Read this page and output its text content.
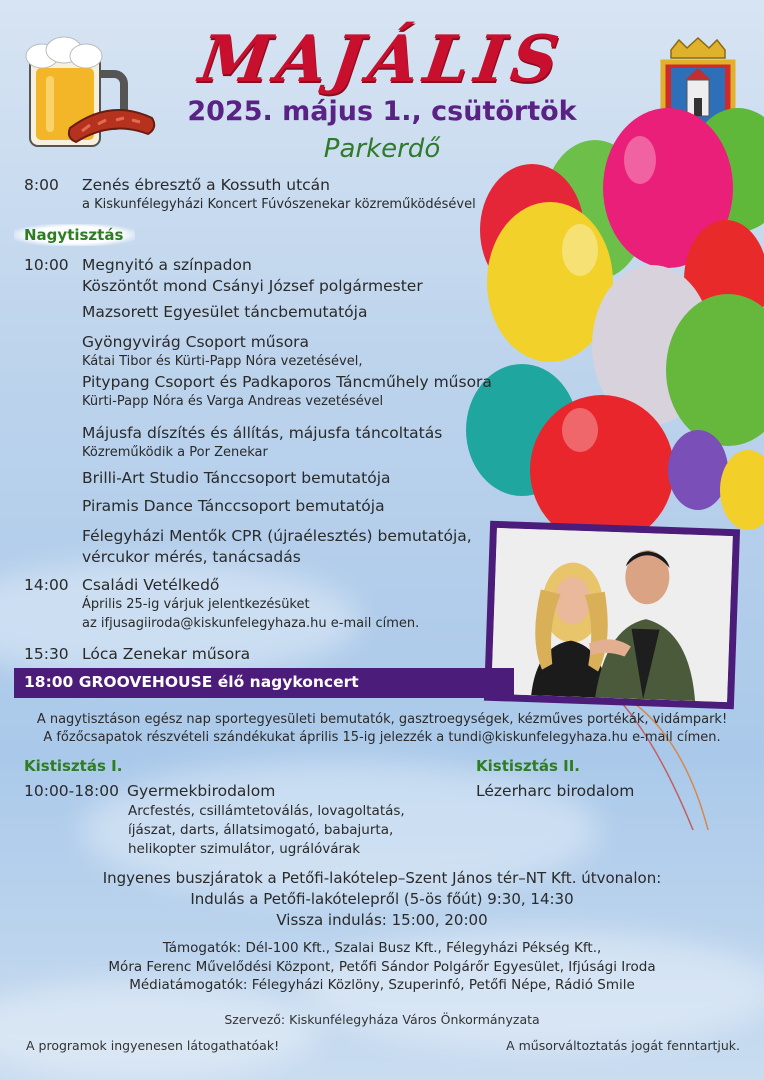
MAJÁLIS
2025. május 1., csütörtök
Parkerdő
8:00 Zenés ébresztő a Kossuth utcán
a Kiskunfélegyházi Koncert Fúvószenekar közreműködésével
Nagytisztás
10:00 Megnyitó a színpadon
Köszöntőt mond Csányi József polgármester
Mazsorett Egyesület táncbemutatója
Gyöngyvirág Csoport műsora
Kátai Tibor és Kürti-Papp Nóra vezetésével,
Pitypang Csoport és Padkaporos Táncműhely műsora
Kürti-Papp Nóra és Varga Andreas vezetésével
Májusfa díszítés és állítás, májusfa táncoltatás
Közreműködik a Por Zenekar
Brilli-Art Studio Tánccsoport bemutatója
Piramis Dance Tánccsoport bemutatója
Félegyházi Mentők CPR (újraélesztés) bemutatója,
vércukor mérés, tanácsadás
14:00 Családi Vetélkedő
Április 25-ig várjuk jelentkezésüket
az ifjusagiiroda@kiskunfelegyhaza.hu e-mail címen.
15:30 Lóca Zenekar műsora
18:00 GROOVEHOUSE élő nagykoncert
A nagytisztáson egész nap sportegyesületi bemutatók, gasztroegységek, kézműves portékák, vidámpark!
A főzőcsapatok részvételi szándékukat április 15-ig jelezzék a tundi@kiskunfelegyhaza.hu e-mail címen.
Kistisztás I.
10:00-18:00 Gyermekbirodalom
Arcfestés, csillámtetoválás, lovagoltatás,
íjászat, darts, állatsimogató, babajurta,
helikopter szimulátor, ugrálóvárak
Kistisztás II.
Lézerharc birodalom
Ingyenes buszjáratok a Petőfi-lakótelep–Szent János tér–NT Kft. útvonalon:
Indulás a Petőfi-lakótelepről (5-ös főút) 9:30, 14:30
Vissza indulás: 15:00, 20:00
Támogatók: Dél-100 Kft., Szalai Busz Kft., Félegyházi Pékség Kft.,
Móra Ferenc Művelődési Központ, Petőfi Sándor Polgárőr Egyesület, Ifjúsági Iroda
Médiatámogatók: Félegyházi Közlöny, Szuperinfó, Petőfi Népe, Rádió Smile
Szervező: Kiskunfélegyháza Város Önkormányzata
A programok ingyenesen látogathatóak!	A műsorváltoztatás jogát fenntartjuk.
